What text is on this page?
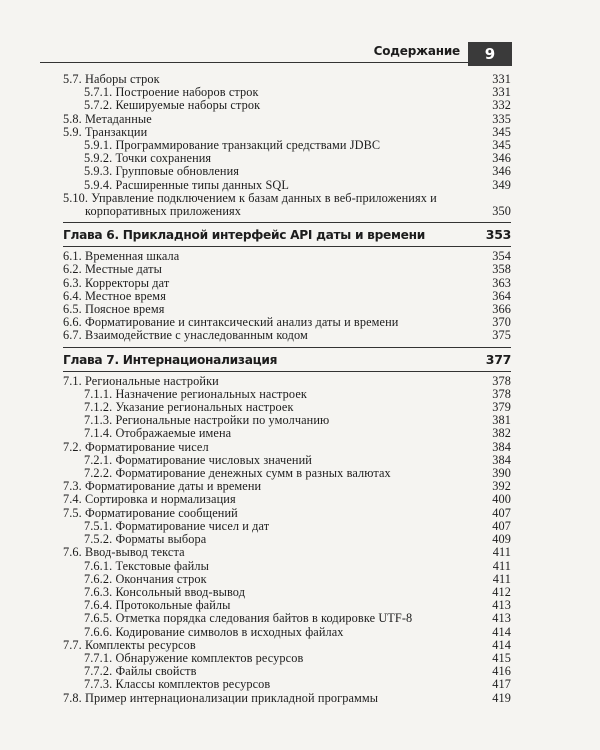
Содержание	9
5.7. Наборы строк	331
5.7.1. Построение наборов строк	331
5.7.2. Кешируемые наборы строк	332
5.8. Метаданные	335
5.9. Транзакции	345
5.9.1. Программирование транзакций средствами JDBC	345
5.9.2. Точки сохранения	346
5.9.3. Групповые обновления	346
5.9.4. Расширенные типы данных SQL	349
5.10. Управление подключением к базам данных в веб-приложениях и корпоративных приложениях	350
Глава 6. Прикладной интерфейс API даты и времени	353
6.1. Временная шкала	354
6.2. Местные даты	358
6.3. Корректоры дат	363
6.4. Местное время	364
6.5. Поясное время	366
6.6. Форматирование и синтаксический анализ даты и времени	370
6.7. Взаимодействие с унаследованным кодом	375
Глава 7. Интернационализация	377
7.1. Региональные настройки	378
7.1.1. Назначение региональных настроек	378
7.1.2. Указание региональных настроек	379
7.1.3. Региональные настройки по умолчанию	381
7.1.4. Отображаемые имена	382
7.2. Форматирование чисел	384
7.2.1. Форматирование числовых значений	384
7.2.2. Форматирование денежных сумм в разных валютах	390
7.3. Форматирование даты и времени	392
7.4. Сортировка и нормализация	400
7.5. Форматирование сообщений	407
7.5.1. Форматирование чисел и дат	407
7.5.2. Форматы выбора	409
7.6. Ввод-вывод текста	411
7.6.1. Текстовые файлы	411
7.6.2. Окончания строк	411
7.6.3. Консольный ввод-вывод	412
7.6.4. Протокольные файлы	413
7.6.5. Отметка порядка следования байтов в кодировке UTF-8	413
7.6.6. Кодирование символов в исходных файлах	414
7.7. Комплекты ресурсов	414
7.7.1. Обнаружение комплектов ресурсов	415
7.7.2. Файлы свойств	416
7.7.3. Классы комплектов ресурсов	417
7.8. Пример интернационализации прикладной программы	419
